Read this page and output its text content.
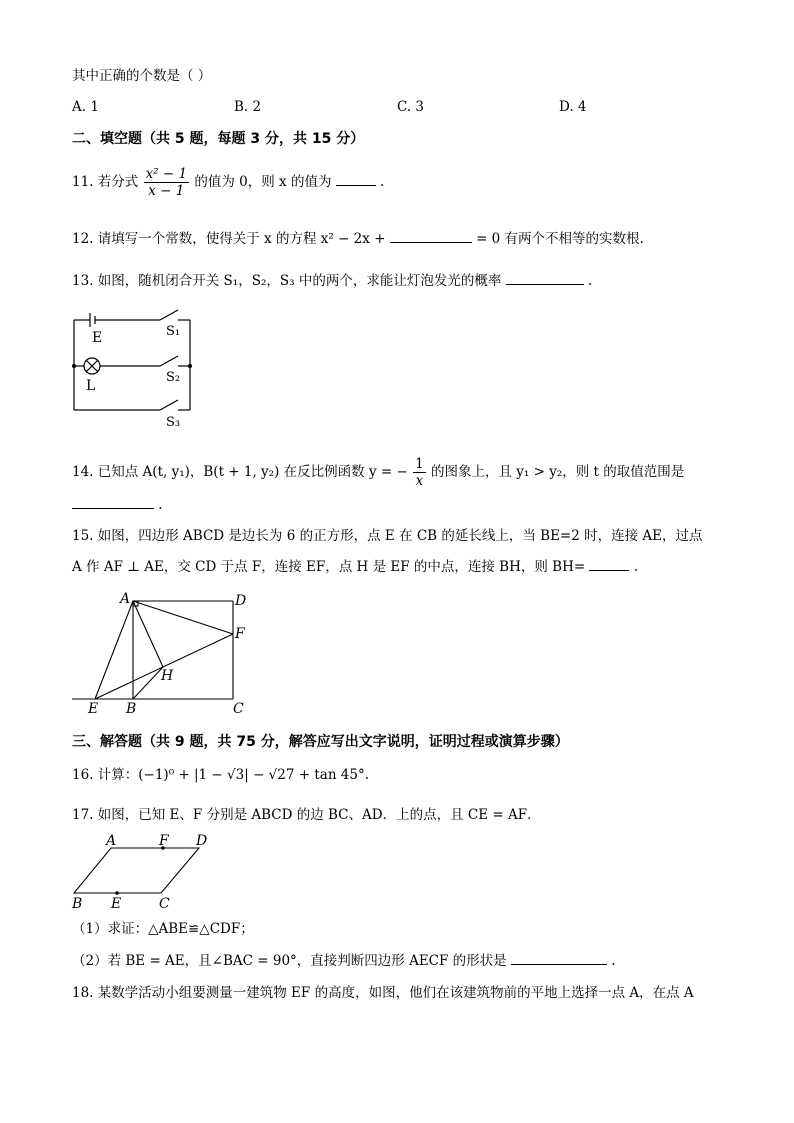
其中正确的个数是（ ）
A. 1	B. 2	C. 3	D. 4
二、填空题（共 5 题，每题 3 分，共 15 分）
11. 若分式 $\frac{\text{x² − 1}}{x - 1}$ 的值为 0，则 x 的值为	.
12. 请填写一个常数，使得关于 x 的方程 x² − 2x +	= 0 有两个不相等的实数根.
13. 如图，随机闭合开关 S₁，S₂，S₃ 中的两个，求能让灯泡发光的概率	.
E
L
S₁
S₂
S₃
14. 已知点 A(t, y₁)，B(t + 1, y₂) 在反比例函数 y = − $\frac{1}{x}$ 的图象上，且 y₁ > y₂，则 t 的取值范围是
.
15. 如图，四边形 ABCD 是边长为 6 的正方形，点 E 在 CB 的延长线上，当 BE=2 时，连接 AE，过点
A 作 AF ⊥ AE，交 CD 于点 F，连接 EF，点 H 是 EF 的中点，连接 BH，则 BH=	.
A	D
F
H
E B	C
三、解答题（共 9 题，共 75 分，解答应写出文字说明，证明过程或演算步骤）
16. 计算：(−1)⁰ + |1 − √3| − √27 + tan 45°.
17. 如图，已知 E、F 分别是 ABCD 的边 BC、AD．上的点，且 CE = AF．
A	F D
B E	C
（1）求证：△ABE≌△CDF；
（2）若 BE = AE，且∠BAC = 90°，直接判断四边形 AECF 的形状是	.
18. 某数学活动小组要测量一建筑物 EF 的高度，如图，他们在该建筑物前的平地上选择一点 A，在点 A
